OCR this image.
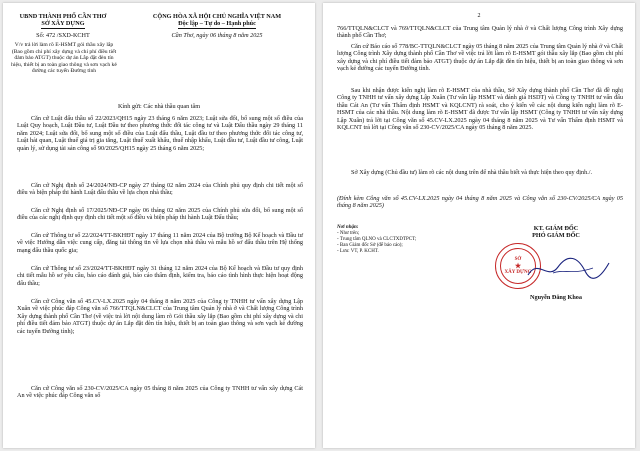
UBND THÀNH PHỐ CẦN THƠ
SỞ XÂY DỰNG
CỘNG HÒA XÃ HỘI CHỦ NGHĨA VIỆT NAM
Độc lập – Tự do – Hạnh phúc
Số: 472 /SXD-KCHT	Cần Thơ, ngày 06 tháng 8 năm 2025
V/v trả lời làm rõ E-HSMT gói thầu xây lắp (Bao gồm chi phí xây dựng và chi phí điều tiết đảm bảo ATGT) thuộc dự án Lắp đặt đèn tín hiệu, thiết bị an toàn giao thông và sơn vạch kẻ đường các tuyến Đường tỉnh
Kính gửi: Các nhà thầu quan tâm
Căn cứ Luật đấu thầu số 22/2023/QH15 ngày 23 tháng 6 năm 2023; Luật sửa đổi, bổ sung một số điều của Luật Quy hoạch, Luật Đầu tư, Luật Đầu tư theo phương thức đối tác công tư và Luật Đấu thầu ngày 29 tháng 11 năm 2024; Luật sửa đổi, bổ sung một số điều của Luật đấu thầu, Luật đầu tư theo phương thức đối tác công tư, Luật hải quan, Luật thuế giá trị gia tăng, Luật thuế xuất khẩu, thuế nhập khẩu, Luật đầu tư, Luật đầu tư công, Luật quản lý, sử dụng tài sản công số 90/2025/QH15 ngày 25 tháng 6 năm 2025;
Căn cứ Nghị định số 24/2024/NĐ-CP ngày 27 tháng 02 năm 2024 của Chính phủ quy định chi tiết một số điều và biện pháp thi hành Luật đấu thầu về lựa chọn nhà thầu;
Căn cứ Nghị định số 17/2025/NĐ-CP ngày 06 tháng 02 năm 2025 của Chính phủ sửa đổi, bổ sung một số điều của các nghị định quy định chi tiết một số điều và biện pháp thi hành Luật Đấu thầu;
Căn cứ Thông tư số 22/2024/TT-BKHĐT ngày 17 tháng 11 năm 2024 của Bộ trưởng Bộ Kế hoạch và Đầu tư về việc Hướng dẫn việc cung cấp, đăng tải thông tin về lựa chọn nhà thầu và mẫu hồ sơ đấu thầu trên Hệ thống mạng đấu thầu quốc gia;
Căn cứ Thông tư số 23/2024/TT-BKHĐT ngày 31 tháng 12 năm 2024 của Bộ Kế hoạch và Đầu tư quy định chi tiết mẫu hồ sơ yêu cầu, báo cáo đánh giá, báo cáo thẩm định, kiểm tra, báo cáo tình hình thực hiện hoạt động đấu thầu;
Căn cứ Công văn số 45.CV-LX.2025 ngày 04 tháng 8 năm 2025 của Công ty TNHH tư vấn xây dựng Lập Xuân về việc phúc đáp Công văn số 766/TTQLN&CLCT của Trung tâm Quản lý nhà ở và Chất lượng Công trình Xây dựng thành phố Cần Thơ (về việc trả lời nội dung làm rõ Gói thầu xây lắp (Bao gồm chi phí xây dựng và chi phí điều tiết đảm bảo ATGT) thuộc dự án Lắp đặt đèn tín hiệu, thiết bị an toàn giao thông và sơn vạch kẻ đường các tuyến Đường tỉnh);
Căn cứ Công văn số 230-CV/2025/CA ngày 05 tháng 8 năm 2025 của Công ty TNHH tư vấn xây dựng Cát An về việc phúc đáp Công văn số
2
766/TTQLN&CLCT và 769/TTQLN&CLCT của Trung tâm Quản lý nhà ở và Chất lượng Công trình Xây dựng thành phố Cần Thơ;
Căn cứ Báo cáo số 778/BC-TTQLN&CLCT ngày 05 tháng 8 năm 2025 của Trung tâm Quản lý nhà ở và Chất lượng Công trình Xây dựng thành phố Cần Thơ về việc trả lời làm rõ E-HSMT gói thầu xây lắp (Bao gồm chi phí xây dựng và chi phí điều tiết đảm bảo ATGT) thuộc dự án Lắp đặt đèn tín hiệu, thiết bị an toàn giao thông và sơn vạch kẻ đường các tuyến Đường tỉnh.
Sau khi nhận được kiến nghị làm rõ E-HSMT của nhà thầu, Sở Xây dựng thành phố Cần Thơ đã đề nghị Công ty TNHH tư vấn xây dựng Lập Xuân (Tư vấn lập HSMT và đánh giá HSDT) và Công ty TNHH tư vấn đấu thầu Cát An (Tư vấn Thẩm định HSMT và KQLCNT) rà soát, cho ý kiến về các nội dung kiến nghị làm rõ E-HSMT của các nhà thầu. Nội dung làm rõ E-HSMT đã được Tư vấn lập HSMT (Công ty TNHH tư vấn xây dựng Lập Xuân) trả lời tại Công văn số 45.CV-LX.2025 ngày 04 tháng 8 năm 2025 và Tư vấn Thẩm định HSMT và KQLCNT trả lời tại Công văn số 230-CV/2025/CA ngày 05 tháng 8 năm 2025.
Sở Xây dựng (Chủ đầu tư) làm rõ các nội dung trên để nhà thầu biết và thực hiện theo quy định./.
(Đính kèm Công văn số 45.CV-LX.2025 ngày 04 tháng 8 năm 2025 và Công văn số 230-CV/2025/CA ngày 05 tháng 8 năm 2025)
Nơi nhận:
- Như trên;
- Trung tâm QLNO và CLCTXDTPCT;
- Ban Giám đốc Sở (để báo cáo);
- Lưu: VT, P. KCHT.
KT. GIÁM ĐỐC
PHÓ GIÁM ĐỐC
SỞ
★
XÂY DỰNG
Nguyễn Đăng Khoa
